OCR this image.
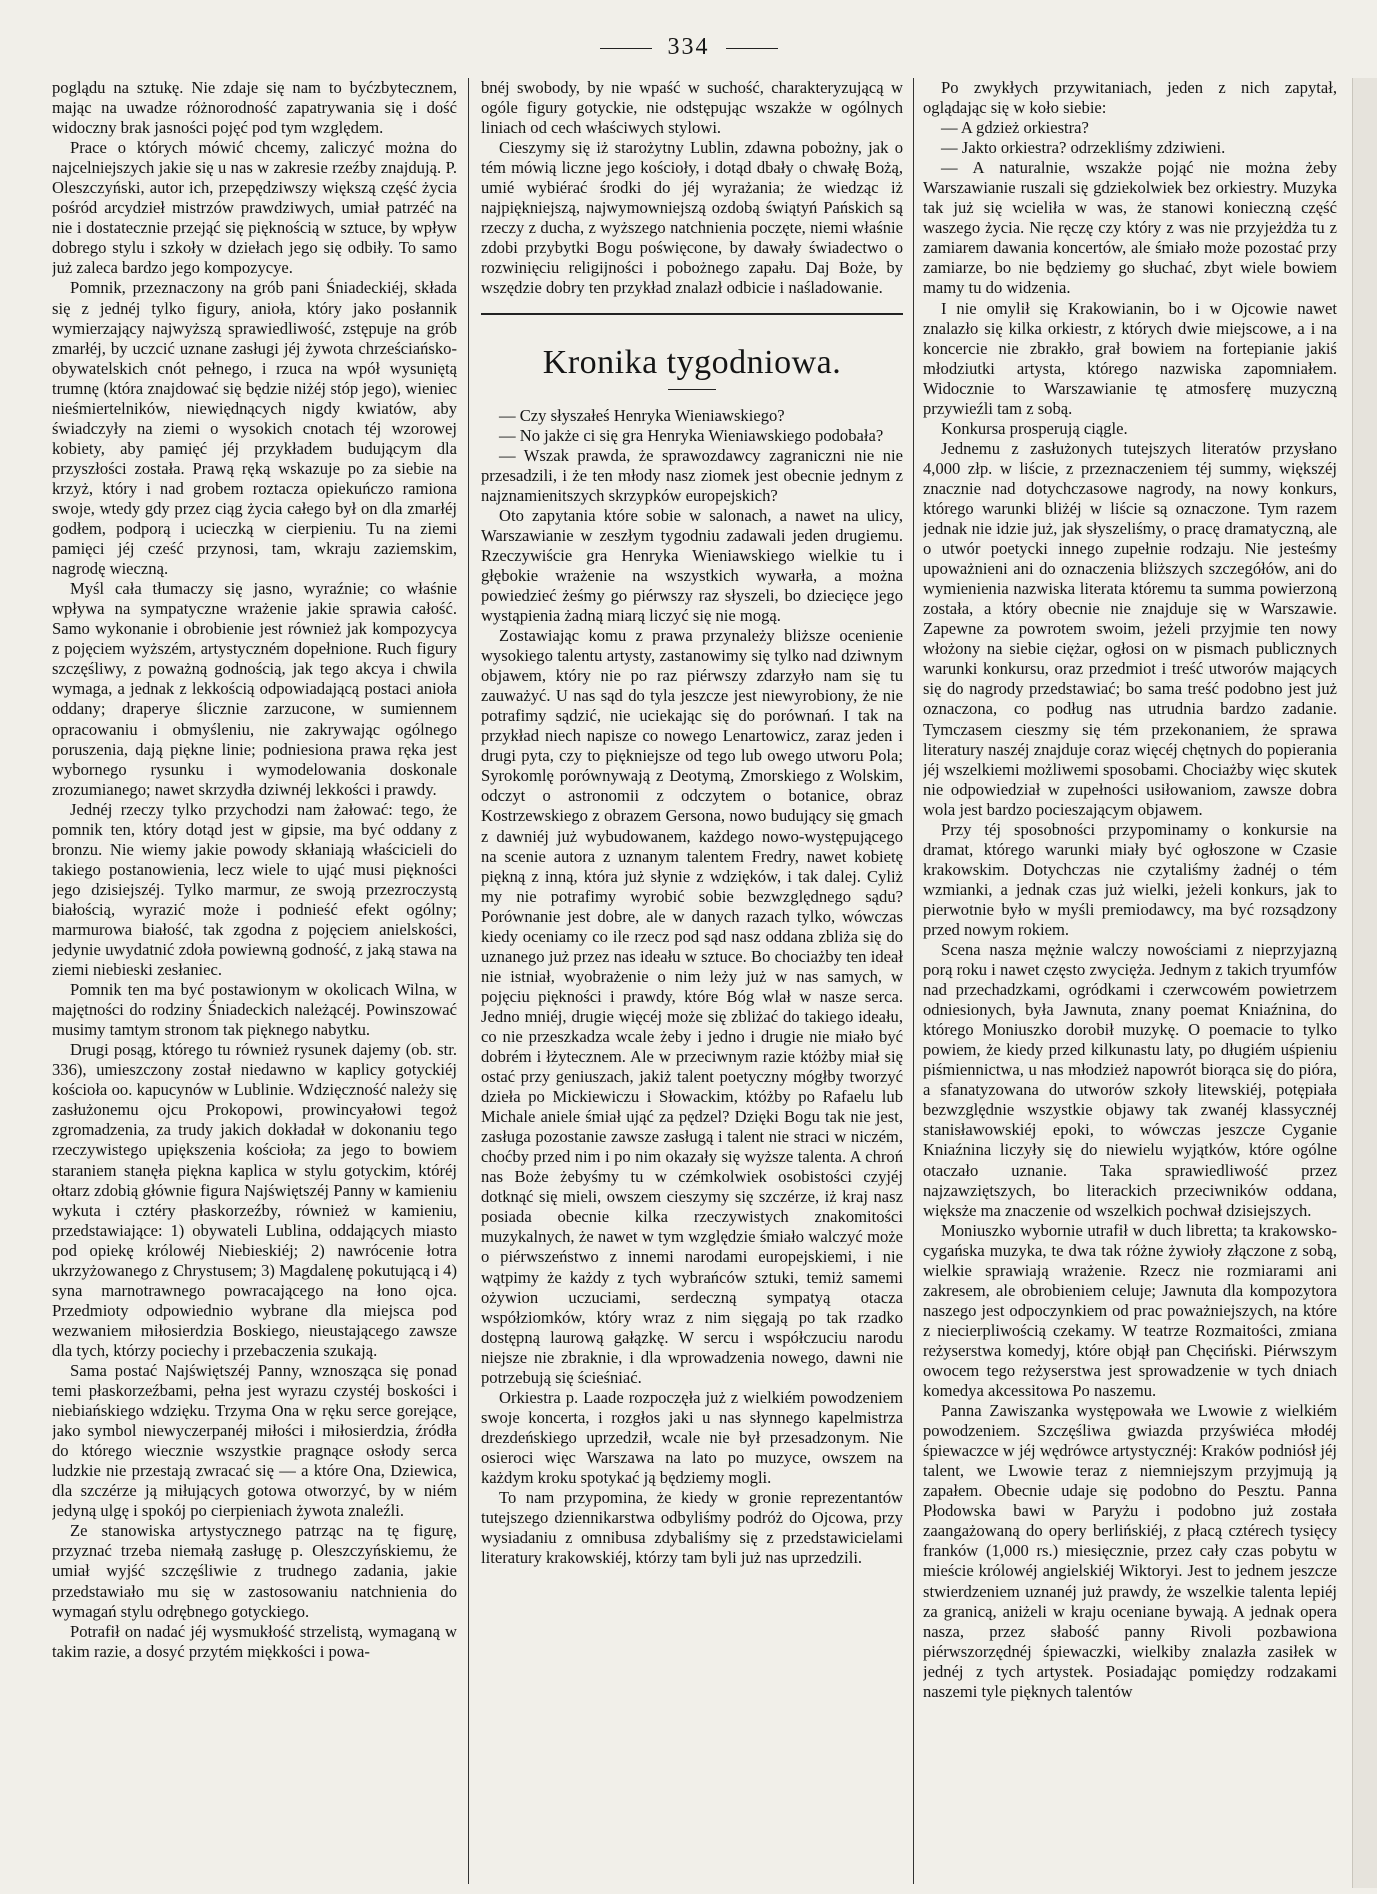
334

poglądu na sztukę. Nie zdaje się nam to byćzbytecznem, mając na uwadze różnorodność zapatrywania się i dość widoczny brak jasności pojęć pod tym względem.

Prace o których mówić chcemy, zaliczyć można do najcelniejszych jakie się u nas w zakresie rzeźby znajdują. P. Oleszczyński, autor ich, przepędziwszy większą część życia pośród arcydzieł mistrzów prawdziwych, umiał patrzéć na nie i dostatecznie przejąć się pięknością w sztuce, by wpływ dobrego stylu i szkoły w dziełach jego się odbiły. To samo już zaleca bardzo jego kompozycye.

Pomnik, przeznaczony na grób pani Śniadeckiéj, składa się z jednéj tylko figury, anioła, który jako posłannik wymierzający najwyższą sprawiedliwość, zstępuje na grób zmarłéj, by uczcić uznane zasługi jéj żywota chrześciańsko-obywatelskich cnót pełnego, i rzuca na wpół wysuniętą trumnę (która znajdować się będzie niżéj stóp jego), wieniec nieśmiertelników, niewiędnących nigdy kwiatów, aby świadczyły na ziemi o wysokich cnotach téj wzorowej kobiety, aby pamięć jéj przykładem budującym dla przyszłości została. Prawą ręką wskazuje po za siebie na krzyż, który i nad grobem roztacza opiekuńczo ramiona swoje, wtedy gdy przez ciąg życia całego był on dla zmarłéj godłem, podporą i ucieczką w cierpieniu. Tu na ziemi pamięci jéj cześć przynosi, tam, wkraju zaziemskim, nagrodę wieczną.

Myśl cała tłumaczy się jasno, wyraźnie; co właśnie wpływa na sympatyczne wrażenie jakie sprawia całość. Samo wykonanie i obrobienie jest również jak kompozycya z pojęciem wyższém, artystyczném dopełnione. Ruch figury szczęśliwy, z poważną godnością, jak tego akcya i chwila wymaga, a jednak z lekkością odpowiadającą postaci anioła oddany; draperye ślicznie zarzucone, w sumiennem opracowaniu i obmyśleniu, nie zakrywając ogólnego poruszenia, dają piękne linie; podniesiona prawa ręka jest wybornego rysunku i wymodelowania doskonale zrozumianego; nawet skrzydła dziwnéj lekkości i prawdy.

Jednéj rzeczy tylko przychodzi nam żałować: tego, że pomnik ten, który dotąd jest w gipsie, ma być oddany z bronzu. Nie wiemy jakie powody skłaniają właścicieli do takiego postanowienia, lecz wiele to ująć musi piękności jego dzisiejszéj. Tylko marmur, ze swoją przezroczystą białością, wyrazić może i podnieść efekt ogólny; marmurowa białość, tak zgodna z pojęciem anielskości, jedynie uwydatnić zdoła powiewną godność, z jaką stawa na ziemi niebieski zesłaniec.

Pomnik ten ma być postawionym w okolicach Wilna, w majętności do rodziny Śniadeckich należącéj. Powinszować musimy tamtym stronom tak pięknego nabytku.

Drugi posąg, którego tu również rysunek dajemy (ob. str. 336), umieszczony został niedawno w kaplicy gotyckiéj kościoła oo. kapucynów w Lublinie. Wdzięczność należy się zasłużonemu ojcu Prokopowi, prowincyałowi tegoż zgromadzenia, za trudy jakich dokładał w dokonaniu tego rzeczywistego upiększenia kościoła; za jego to bowiem staraniem stanęła piękna kaplica w stylu gotyckim, któréj ołtarz zdobią głównie figura Najświętszéj Panny w kamieniu wykuta i cztéry płaskorzeźby, również w kamieniu, przedstawiające: 1) obywateli Lublina, oddających miasto pod opiekę królowéj Niebieskiéj; 2) nawrócenie łotra ukrzyżowanego z Chrystusem; 3) Magdalenę pokutującą i 4) syna marnotrawnego powracającego na łono ojca. Przedmioty odpowiednio wybrane dla miejsca pod wezwaniem miłosierdzia Boskiego, nieustającego zawsze dla tych, którzy pociechy i przebaczenia szukają.

Sama postać Najświętszéj Panny, wznosząca się ponad temi płaskorzeźbami, pełna jest wyrazu czystéj boskości i niebiańskiego wdzięku. Trzyma Ona w ręku serce gorejące, jako symbol niewyczerpanéj miłości i miłosierdzia, źródła do którego wiecznie wszystkie pragnące osłody serca ludzkie nie przestają zwracać się — a które Ona, Dziewica, dla szczérze ją miłujących gotowa otworzyć, by w niém jedyną ulgę i spokój po cierpieniach żywota znaleźli.

Ze stanowiska artystycznego patrząc na tę figurę, przyznać trzeba niemałą zasługę p. Oleszczyńskiemu, że umiał wyjść szczęśliwie z trudnego zadania, jakie przedstawiało mu się w zastosowaniu natchnienia do wymagań stylu odrębnego gotyckiego.

Potrafił on nadać jéj wysmukłość strzelistą, wymaganą w takim razie, a dosyć przytém miękkości i powa-

bnéj swobody, by nie wpaść w suchość, charakteryzującą w ogóle figury gotyckie, nie odstępując wszakże w ogólnych liniach od cech właściwych stylowi.

Cieszymy się iż starożytny Lublin, zdawna pobożny, jak o tém mówią liczne jego kościoły, i dotąd dbały o chwałę Bożą, umié wybiérać środki do jéj wyrażania; że wiedząc iż najpiękniejszą, najwymowniejszą ozdobą świątyń Pańskich są rzeczy z ducha, z wyższego natchnienia poczęte, niemi właśnie zdobi przybytki Bogu poświęcone, by dawały świadectwo o rozwinięciu religijności i pobożnego zapału. Daj Boże, by wszędzie dobry ten przykład znalazł odbicie i naśladowanie.

Kronika tygodniowa.

— Czy słyszałeś Henryka Wieniawskiego?

— No jakże ci się gra Henryka Wieniawskiego podobała?

— Wszak prawda, że sprawozdawcy zagraniczni nie nie przesadzili, i że ten młody nasz ziomek jest obecnie jednym z najznamienitszych skrzypków europejskich?

Oto zapytania które sobie w salonach, a nawet na ulicy, Warszawianie w zeszłym tygodniu zadawali jeden drugiemu. Rzeczywiście gra Henryka Wieniawskiego wielkie tu i głębokie wrażenie na wszystkich wywarła, a można powiedzieć żeśmy go piérwszy raz słyszeli, bo dziecięce jego wystąpienia żadną miarą liczyć się nie mogą.

Zostawiając komu z prawa przynależy bliższe ocenienie wysokiego talentu artysty, zastanowimy się tylko nad dziwnym objawem, który nie po raz piérwszy zdarzyło nam się tu zauważyć. U nas sąd do tyla jeszcze jest niewyrobiony, że nie potrafimy sądzić, nie uciekając się do porównań. I tak na przykład niech napisze co nowego Lenartowicz, zaraz jeden i drugi pyta, czy to piękniejsze od tego lub owego utworu Pola; Syrokomlę porównywają z Deotymą, Zmorskiego z Wolskim, odczyt o astronomii z odczytem o botanice, obraz Kostrzewskiego z obrazem Gersona, nowo budujący się gmach z dawniéj już wybudowanem, każdego nowo-występującego na scenie autora z uznanym talentem Fredry, nawet kobietę piękną z inną, która już słynie z wdzięków, i tak dalej. Cyliż my nie potrafimy wyrobić sobie bezwzględnego sądu? Porównanie jest dobre, ale w danych razach tylko, wówczas kiedy oceniamy co ile rzecz pod sąd nasz oddana zbliża się do uznanego już przez nas ideału w sztuce. Bo chociażby ten ideał nie istniał, wyobrażenie o nim leży już w nas samych, w pojęciu piękności i prawdy, które Bóg wlał w nasze serca. Jedno mniéj, drugie więcéj może się zbliżać do takiego ideału, co nie przeszkadza wcale żeby i jedno i drugie nie miało być dobrém i łżytecznem. Ale w przeciwnym razie któżby miał się ostać przy geniuszach, jakiż talent poetyczny mógłby tworzyć dzieła po Mickiewiczu i Słowackim, któżby po Rafaelu lub Michale aniele śmiał ująć za pędzel? Dzięki Bogu tak nie jest, zasługa pozostanie zawsze zasługą i talent nie straci w niczém, choćby przed nim i po nim okazały się wyższe talenta. A chroń nas Boże żebyśmy tu w czémkolwiek osobistości czyjéj dotknąć się mieli, owszem cieszymy się szczérze, iż kraj nasz posiada obecnie kilka rzeczywistych znakomitości muzykalnych, że nawet w tym względzie śmiało walczyć może o piérwszeństwo z innemi narodami europejskiemi, i nie wątpimy że każdy z tych wybrańców sztuki, temiż samemi ożywion uczuciami, serdeczną sympatyą otacza współziomków, który wraz z nim sięgają po tak rzadko dostępną laurową gałązkę. W sercu i współczuciu narodu niejsze nie zbraknie, i dla wprowadzenia nowego, dawni nie potrzebują się ścieśniać.

Orkiestra p. Laade rozpoczęła już z wielkiém powodzeniem swoje koncerta, i rozgłos jaki u nas słynnego kapelmistrza drezdeńskiego uprzedził, wcale nie był przesadzonym. Nie osieroci więc Warszawa na lato po muzyce, owszem na każdym kroku spotykać ją będziemy mogli.

To nam przypomina, że kiedy w gronie reprezentantów tutejszego dziennikarstwa odbyliśmy podróż do Ojcowa, przy wysiadaniu z omnibusa zdybaliśmy się z przedstawicielami literatury krakowskiéj, którzy tam byli już nas uprzedzili.

Po zwykłych przywitaniach, jeden z nich zapytał, oglądając się w koło siebie:

— A gdzież orkiestra?

— Jakto orkiestra? odrzekliśmy zdziwieni.

— A naturalnie, wszakże pojąć nie można żeby Warszawianie ruszali się gdziekolwiek bez orkiestry. Muzyka tak już się wcieliła w was, że stanowi konieczną część waszego życia. Nie ręczę czy który z was nie przyjeżdża tu z zamiarem dawania koncertów, ale śmiało może pozostać przy zamiarze, bo nie będziemy go słuchać, zbyt wiele bowiem mamy tu do widzenia.

I nie omylił się Krakowianin, bo i w Ojcowie nawet znalazło się kilka orkiestr, z których dwie miejscowe, a i na koncercie nie zbrakło, grał bowiem na fortepianie jakiś młodziutki artysta, którego nazwiska zapomniałem. Widocznie to Warszawianie tę atmosferę muzyczną przywieźli tam z sobą.

Konkursa prosperują ciągle.

Jednemu z zasłużonych tutejszych literatów przysłano 4,000 złp. w liście, z przeznaczeniem téj summy, większéj znacznie nad dotychczasowe nagrody, na nowy konkurs, którego warunki bliżéj w liście są oznaczone. Tym razem jednak nie idzie już, jak słyszeliśmy, o pracę dramatyczną, ale o utwór poetycki innego zupełnie rodzaju. Nie jesteśmy upoważnieni ani do oznaczenia bliższych szczegółów, ani do wymienienia nazwiska literata któremu ta summa powierzoną została, a który obecnie nie znajduje się w Warszawie. Zapewne za powrotem swoim, jeżeli przyjmie ten nowy włożony na siebie ciężar, ogłosi on w pismach publicznych warunki konkursu, oraz przedmiot i treść utworów mających się do nagrody przedstawiać; bo sama treść podobno jest już oznaczona, co podług nas utrudnia bardzo zadanie. Tymczasem cieszmy się tém przekonaniem, że sprawa literatury naszéj znajduje coraz więcéj chętnych do popierania jéj wszelkiemi możliwemi sposobami. Chociażby więc skutek nie odpowiedział w zupełności usiłowaniom, zawsze dobra wola jest bardzo pocieszającym objawem.

Przy téj sposobności przypominamy o konkursie na dramat, którego warunki miały być ogłoszone w Czasie krakowskim. Dotychczas nie czytaliśmy żadnéj o tém wzmianki, a jednak czas już wielki, jeżeli konkurs, jak to pierwotnie było w myśli premiodawcy, ma być rozsądzony przed nowym rokiem.

Scena nasza mężnie walczy nowościami z nieprzyjazną porą roku i nawet często zwycięża. Jednym z takich tryumfów nad przechadzkami, ogródkami i czerwcowém powietrzem odniesionych, była Jawnuta, znany poemat Kniaźnina, do którego Moniuszko dorobił muzykę. O poemacie to tylko powiem, że kiedy przed kilkunastu laty, po długiém uśpieniu piśmiennictwa, u nas młodzież napowrót biorąca się do pióra, a sfanatyzowana do utworów szkoły litewskiéj, potępiała bezwzględnie wszystkie objawy tak zwanéj klassycznéj stanisławowskiéj epoki, to wówczas jeszcze Cyganie Kniaźnina liczyły się do niewielu wyjątków, które ogólne otaczało uznanie. Taka sprawiedliwość przez najzawziętszych, bo literackich przeciwników oddana, więksże ma znaczenie od wszelkich pochwał dzisiejszych.

Moniuszko wybornie utrafił w duch libretta; ta krakowsko-cygańska muzyka, te dwa tak różne żywioły złączone z sobą, wielkie sprawiają wrażenie. Rzecz nie rozmiarami ani zakresem, ale obrobieniem celuje; Jawnuta dla kompozytora naszego jest odpoczynkiem od prac poważniejszych, na które z niecierpliwością czekamy. W teatrze Rozmaitości, zmiana reżyserstwa komedyj, które objął pan Chęciński. Piérwszym owocem tego reżyserstwa jest sprowadzenie w tych dniach komedya akcessitowa Po naszemu.

Panna Zawiszanka występowała we Lwowie z wielkiém powodzeniem. Szczęśliwa gwiazda przyświéca młodéj śpiewaczce w jéj wędrówce artystycznéj: Kraków podniósł jéj talent, we Lwowie teraz z niemniejszym przyjmują ją zapałem. Obecnie udaje się podobno do Pesztu. Panna Płodowska bawi w Paryżu i podobno już została zaangażowaną do opery berlińskiéj, z płacą cztérech tysięcy franków (1,000 rs.) miesięcznie, przez cały czas pobytu w mieście królowéj angielskiéj Wiktoryi. Jest to jednem jeszcze stwierdzeniem uznanéj już prawdy, że wszelkie talenta lepiéj za granicą, aniżeli w kraju oceniane bywają. A jednak opera nasza, przez słabość panny Rivoli pozbawiona piérwszorzędnéj śpiewaczki, wielkiby znalazła zasiłek w jednéj z tych artystek. Posiadając pomiędzy rodzakami naszemi tyle pięknych talentów
